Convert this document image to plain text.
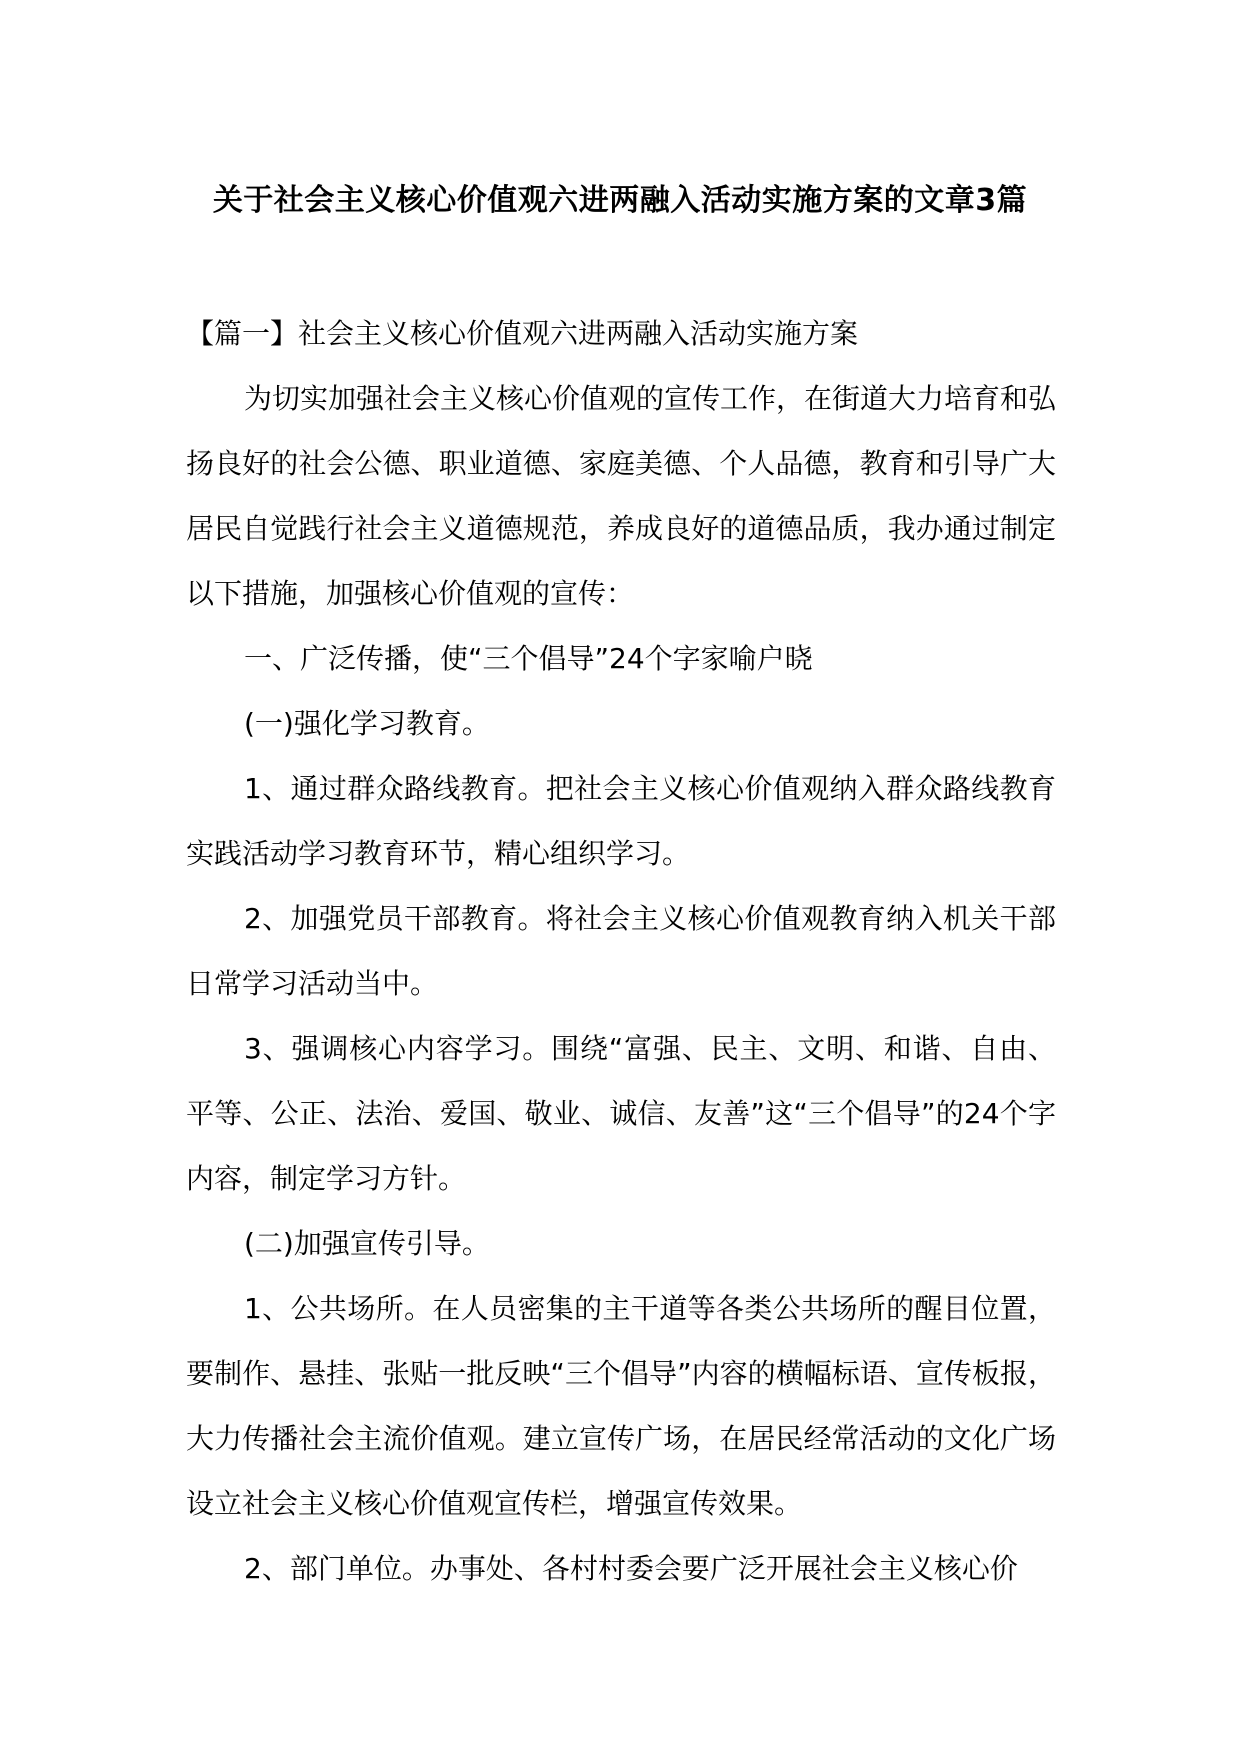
关于社会主义核心价值观六进两融入活动实施方案的文章3篇

【篇一】社会主义核心价值观六进两融入活动实施方案

为切实加强社会主义核心价值观的宣传工作，在街道大力培育和弘扬良好的社会公德、职业道德、家庭美德、个人品德，教育和引导广大居民自觉践行社会主义道德规范，养成良好的道德品质，我办通过制定以下措施，加强核心价值观的宣传：

一、广泛传播，使“三个倡导”24个字家喻户晓

(一)强化学习教育。

1、通过群众路线教育。把社会主义核心价值观纳入群众路线教育实践活动学习教育环节，精心组织学习。

2、加强党员干部教育。将社会主义核心价值观教育纳入机关干部日常学习活动当中。

3、强调核心内容学习。围绕“富强、民主、文明、和谐、自由、平等、公正、法治、爱国、敬业、诚信、友善”这“三个倡导”的24个字内容，制定学习方针。

(二)加强宣传引导。

1、公共场所。在人员密集的主干道等各类公共场所的醒目位置，要制作、悬挂、张贴一批反映“三个倡导”内容的横幅标语、宣传板报，大力传播社会主流价值观。建立宣传广场，在居民经常活动的文化广场设立社会主义核心价值观宣传栏，增强宣传效果。

2、部门单位。办事处、各村村委会要广泛开展社会主义核心价
